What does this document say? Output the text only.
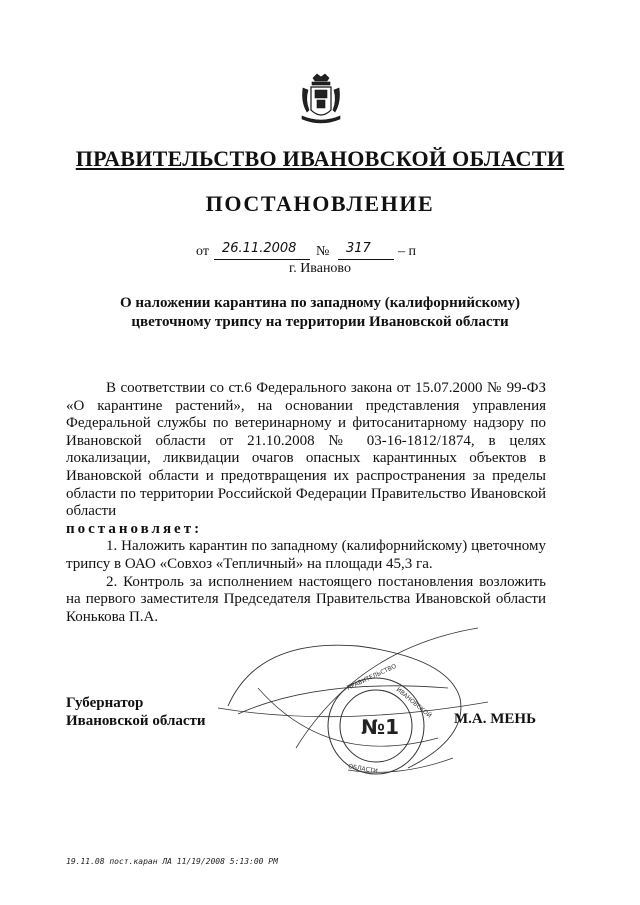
ПРАВИТЕЛЬСТВО ИВАНОВСКОЙ ОБЛАСТИ
ПОСТАНОВЛЕНИЕ
от 26.11.2008 № 317 – п
г. Иваново
О наложении карантина по западному (калифорнийскому)
цветочному трипсу на территории Ивановской области

В соответствии со ст.6 Федерального закона от 15.07.2000 № 99-ФЗ «О карантине растений», на основании представления управления Федеральной службы по ветеринарному и фитосанитарному надзору по Ивановской области от 21.10.2008 № 03-16-1812/1874, в целях локализации, ликвидации очагов опасных карантинных объектов в Ивановской области и предотвращения их распространения за пределы области по территории Российской Федерации Правительство Ивановской области

постановляет:

1. Наложить карантин по западному (калифорнийскому) цветочному трипсу в ОАО «Совхоз «Тепличный» на площади 45,3 га.

2. Контроль за исполнением настоящего постановления возложить на первого заместителя Председателя Правительства Ивановской области Конькова П.А.

Губернатор
Ивановской области
ПРАВИТЕЛЬСТВО
ИВАНОВСКОЙ
ОБЛАСТИ
№1	М.А. МЕНЬ
19.11.08 пост.каран ЛА 11/19/2008 5:13:00 PM
